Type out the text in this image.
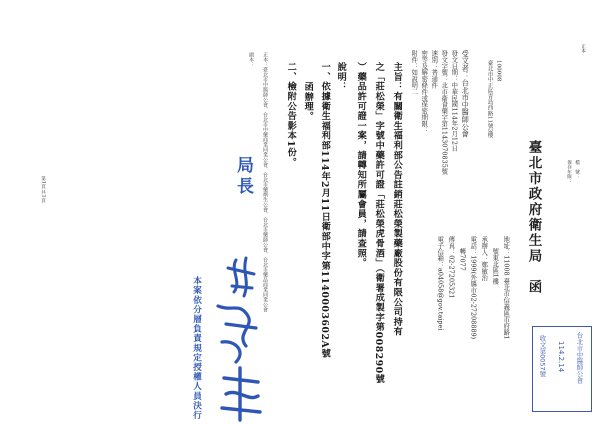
正本
檔　號：
保存年限：
臺北市政府衛生局　函
地址：11008 臺北市信義區市府路1
號東北區1樓
承辦人：鄭敏治
電話：1999(外縣市02-27208889)
轉7077
傳真：02-27205321
電子信箱：a04058@gov.taipei
100008
臺北市中正區青島西路11號3樓
受文者：台北市中醫師公會
發文日期：中華民國114年2月12日
發文字號：北市衛食藥字第1143070835號
速別：普通件
密等及解密條件或保密期限：
附件：如說明二
主旨：有關衛生福利部公告註銷莊松榮製藥廠股份有限公司持有
之「莊松榮」字號中藥許可證「莊松榮虎骨酒」（衛署成製字第008290號
）藥品許可證一案，請轉知所屬會員，請查照。
說明：
一、依據衛生福利部114年2月11日衛部中字第1140003602A號
函辦理。
二、檢附公告影本1份。
局長
本案依分層負責規定授權人員決行
正本：臺北市中醫師公會、台北市中藥商業同業公會、台北市藥劑生公會、台北市藥師公會、台北市藥品商業同業公會
副本：
第1頁 共1頁
台北市中醫師公會
114.2.14
收文第0057號
